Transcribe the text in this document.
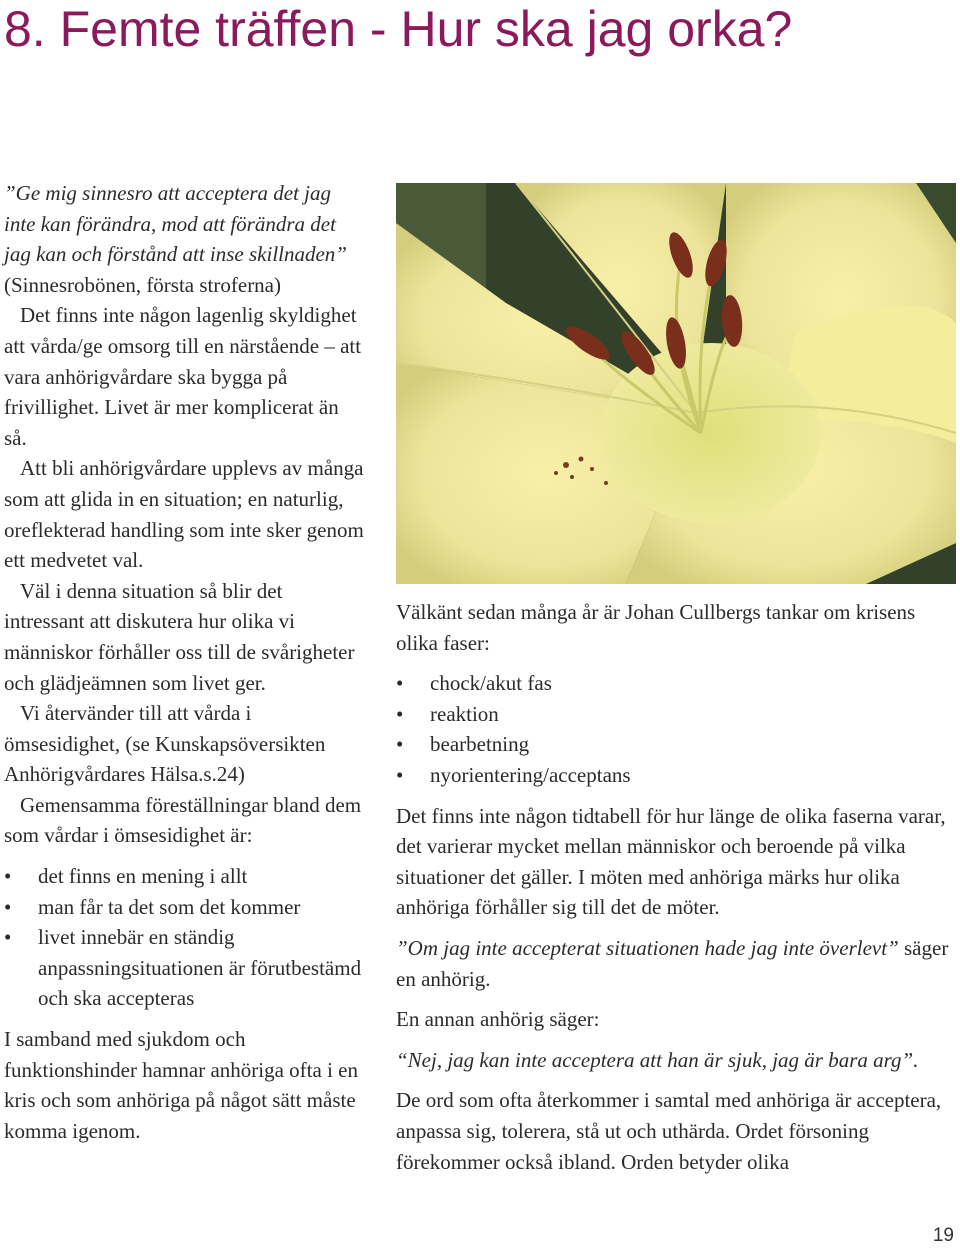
8. Femte träffen - Hur ska jag orka?

”Ge mig sinnesro att acceptera det jag inte kan förändra, mod att förändra det jag kan och förstånd att inse skillnaden” (Sinnesrobönen, första stroferna)

Det finns inte någon lagenlig skyldighet att vårda/ge omsorg till en närstående – att vara anhörigvårdare ska bygga på frivillighet. Livet är mer komplicerat än så.

Att bli anhörigvårdare upplevs av många som att glida in en situation; en naturlig, oreflekterad handling som inte sker genom ett medvetet val.

Väl i denna situation så blir det intressant att diskutera hur olika vi människor förhåller oss till de svårigheter och glädjeämnen som livet ger.

Vi återvänder till att vårda i ömsesidighet, (se Kunskapsöversikten Anhörigvårdares Hälsa.s.24)

Gemensamma föreställningar bland dem som vårdar i ömsesidighet är:

• det finns en mening i allt
• man får ta det som det kommer
• livet innebär en ständig anpassningsituationen är förutbestämd och ska accepteras

I samband med sjukdom och funktionshinder hamnar anhöriga ofta i en kris och som anhöriga på något sätt måste komma igenom.

Välkänt sedan många år är Johan Cullbergs tankar om krisens olika faser:

• chock/akut fas
• reaktion
• bearbetning
• nyorientering/acceptans

Det finns inte någon tidtabell för hur länge de olika faserna varar, det varierar mycket mellan människor och beroende på vilka situationer det gäller. I möten med anhöriga märks hur olika anhöriga förhåller sig till det de möter.

”Om jag inte accepterat situationen hade jag inte överlevt” säger en anhörig.

En annan anhörig säger:

“Nej, jag kan inte acceptera att han är sjuk, jag är bara arg”.

De ord som ofta återkommer i samtal med anhöriga är acceptera, anpassa sig, tolerera, stå ut och uthärda. Ordet försoning förekommer också ibland. Orden betyder olika

19
